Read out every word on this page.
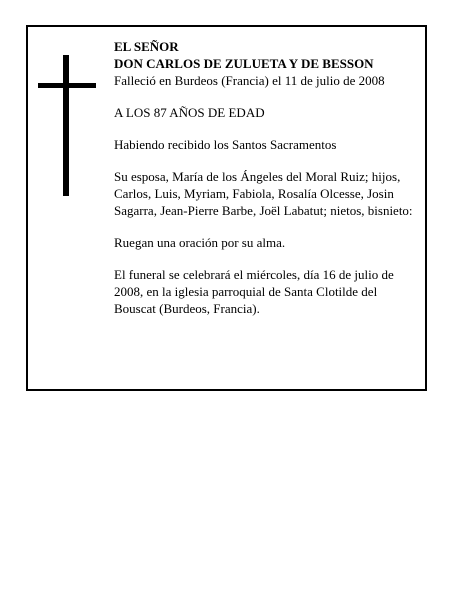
EL SEÑOR

DON CARLOS DE ZULUETA Y DE BESSON

Falleció en Burdeos (Francia) el 11 de julio de 2008

A LOS 87 AÑOS DE EDAD

Habiendo recibido los Santos Sacramentos

Su esposa, María de los Ángeles del Moral Ruiz; hijos, Carlos, Luis, Myriam, Fabiola, Rosalía Olcesse, Josin Sagarra, Jean-Pierre Barbe, Joël Labatut; nietos, bisnieto:

Ruegan una oración por su alma.

El funeral se celebrará el miércoles, día 16 de julio de 2008, en la iglesia parroquial de Santa Clotilde del Bouscat (Burdeos, Francia).
